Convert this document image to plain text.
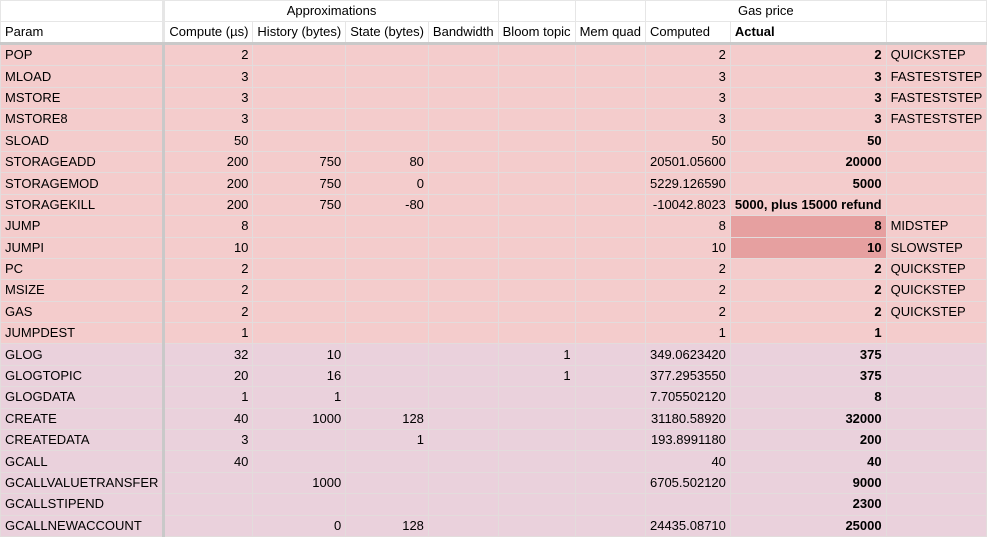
	Approximations						Gas price		
Param	Compute (µs)	History (bytes)	State (bytes)	Bandwidth	Bloom topic	Mem quad	Computed	Actual	
POP	2						2	2	QUICKSTEP
MLOAD	3						3	3	FASTESTSTEP
MSTORE	3						3	3	FASTESTSTEP
MSTORE8	3						3	3	FASTESTSTEP
SLOAD	50						50	50	
STORAGEADD	200	750	80				20501.05600	20000	
STORAGEMOD	200	750	0				5229.126590	5000	
STORAGEKILL	200	750	-80				-10042.8023	5000, plus 15000 refund	
JUMP	8						8	8	MIDSTEP
JUMPI	10						10	10	SLOWSTEP
PC	2						2	2	QUICKSTEP
MSIZE	2						2	2	QUICKSTEP
GAS	2						2	2	QUICKSTEP
JUMPDEST	1						1	1	
GLOG	32	10			1		349.0623420	375	
GLOGTOPIC	20	16			1		377.2953550	375	
GLOGDATA	1	1					7.705502120	8	
CREATE	40	1000	128				31180.58920	32000	
CREATEDATA	3		1				193.8991180	200	
GCALL	40						40	40	
GCALLVALUETRANSFER		1000					6705.502120	9000	
GCALLSTIPEND								2300	
GCALLNEWACCOUNT		0	128				24435.08710	25000	
